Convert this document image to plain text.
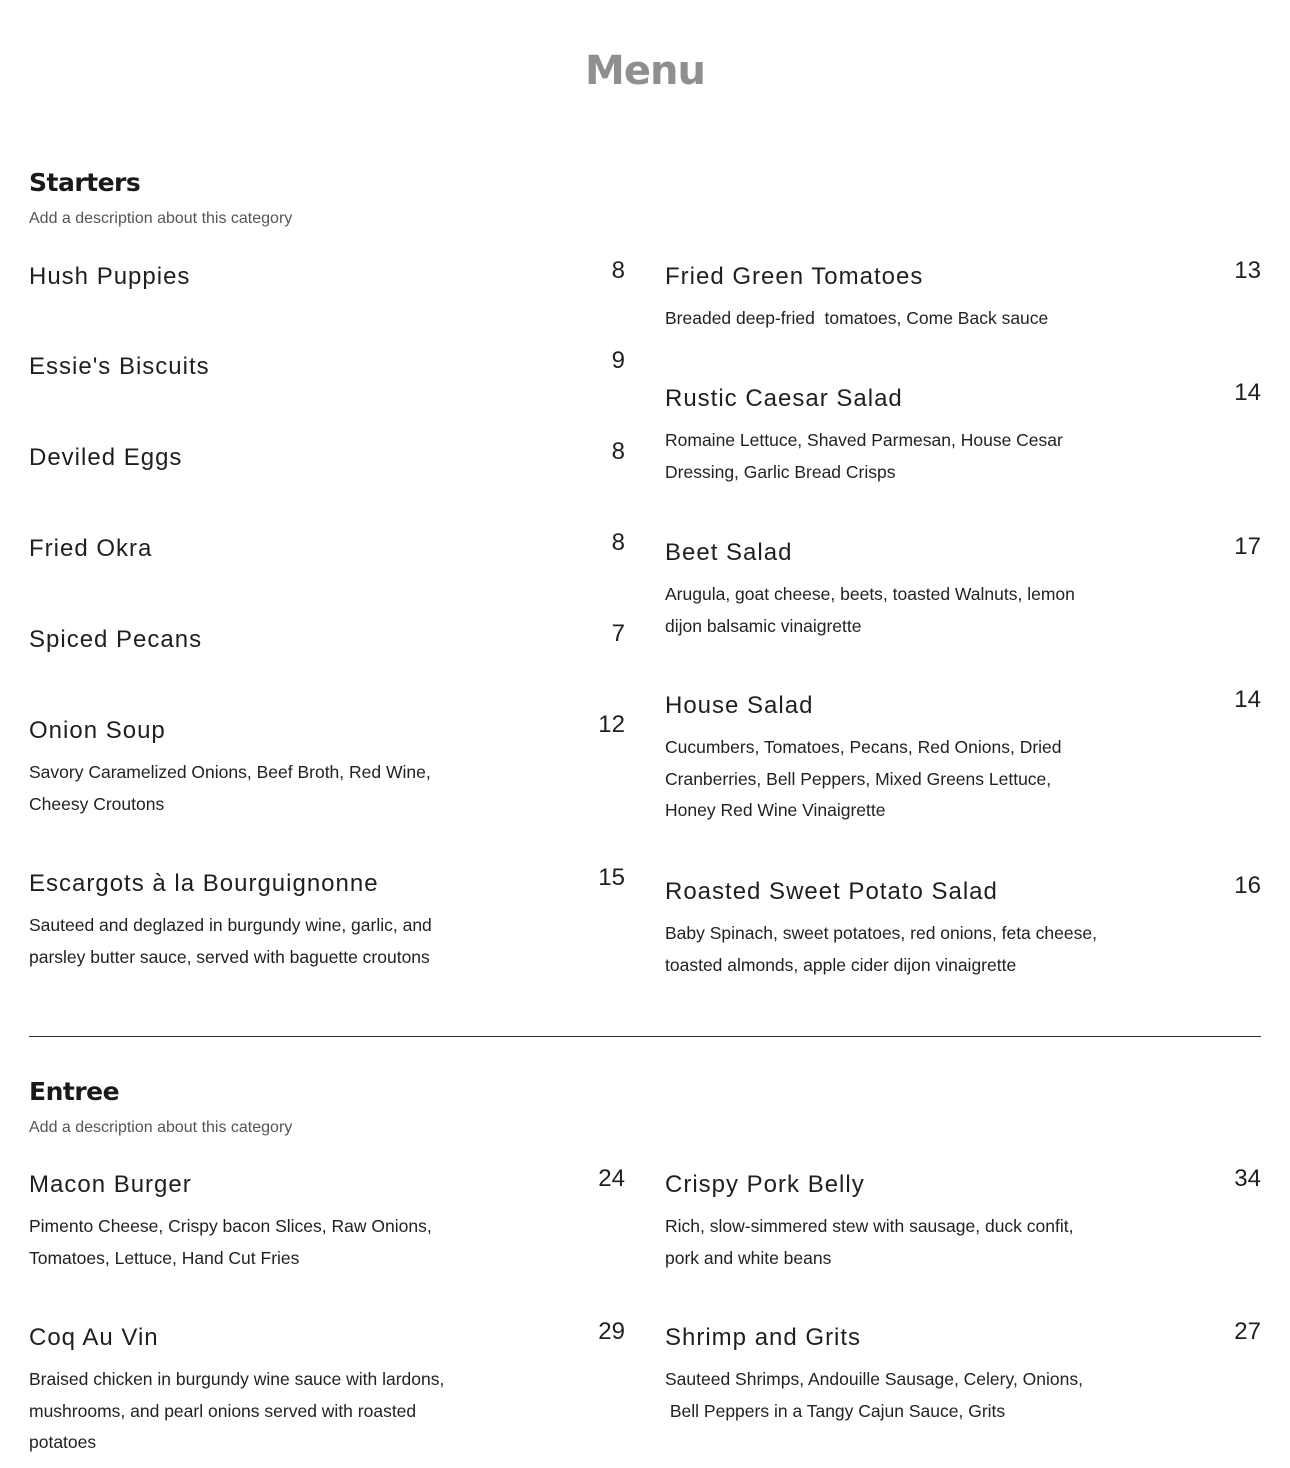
Menu
Starters

Add a description about this category

Hush Puppies	8
Essie's Biscuits	9
Deviled Eggs	8
Fried Okra	8
Spiced Pecans	7
Onion Soup	12
Savory Caramelized Onions, Beef Broth, Red Wine, Cheesy Croutons
Escargots à la Bourguignonne	15
Sauteed and deglazed in burgundy wine, garlic, and parsley butter sauce, served with baguette croutons
Fried Green Tomatoes	13
Breaded deep-fried  tomatoes, Come Back sauce
Rustic Caesar Salad	14
Romaine Lettuce, Shaved Parmesan, House Cesar Dressing, Garlic Bread Crisps
Beet Salad	17
Arugula, goat cheese, beets, toasted Walnuts, lemon dijon balsamic vinaigrette
House Salad	14
Cucumbers, Tomatoes, Pecans, Red Onions, Dried Cranberries, Bell Peppers, Mixed Greens Lettuce, Honey Red Wine Vinaigrette
Roasted Sweet Potato Salad	16
Baby Spinach, sweet potatoes, red onions, feta cheese, toasted almonds, apple cider dijon vinaigrette
Entree

Add a description about this category

Macon Burger	24
Pimento Cheese, Crispy bacon Slices, Raw Onions, Tomatoes, Lettuce, Hand Cut Fries
Coq Au Vin	29
Braised chicken in burgundy wine sauce with lardons, mushrooms, and pearl onions served with roasted potatoes
Crispy Pork Belly	34
Rich, slow-simmered stew with sausage, duck confit, pork and white beans
Shrimp and Grits	27
Sauteed Shrimps, Andouille Sausage, Celery, Onions,
Bell Peppers in a Tangy Cajun Sauce, Grits
